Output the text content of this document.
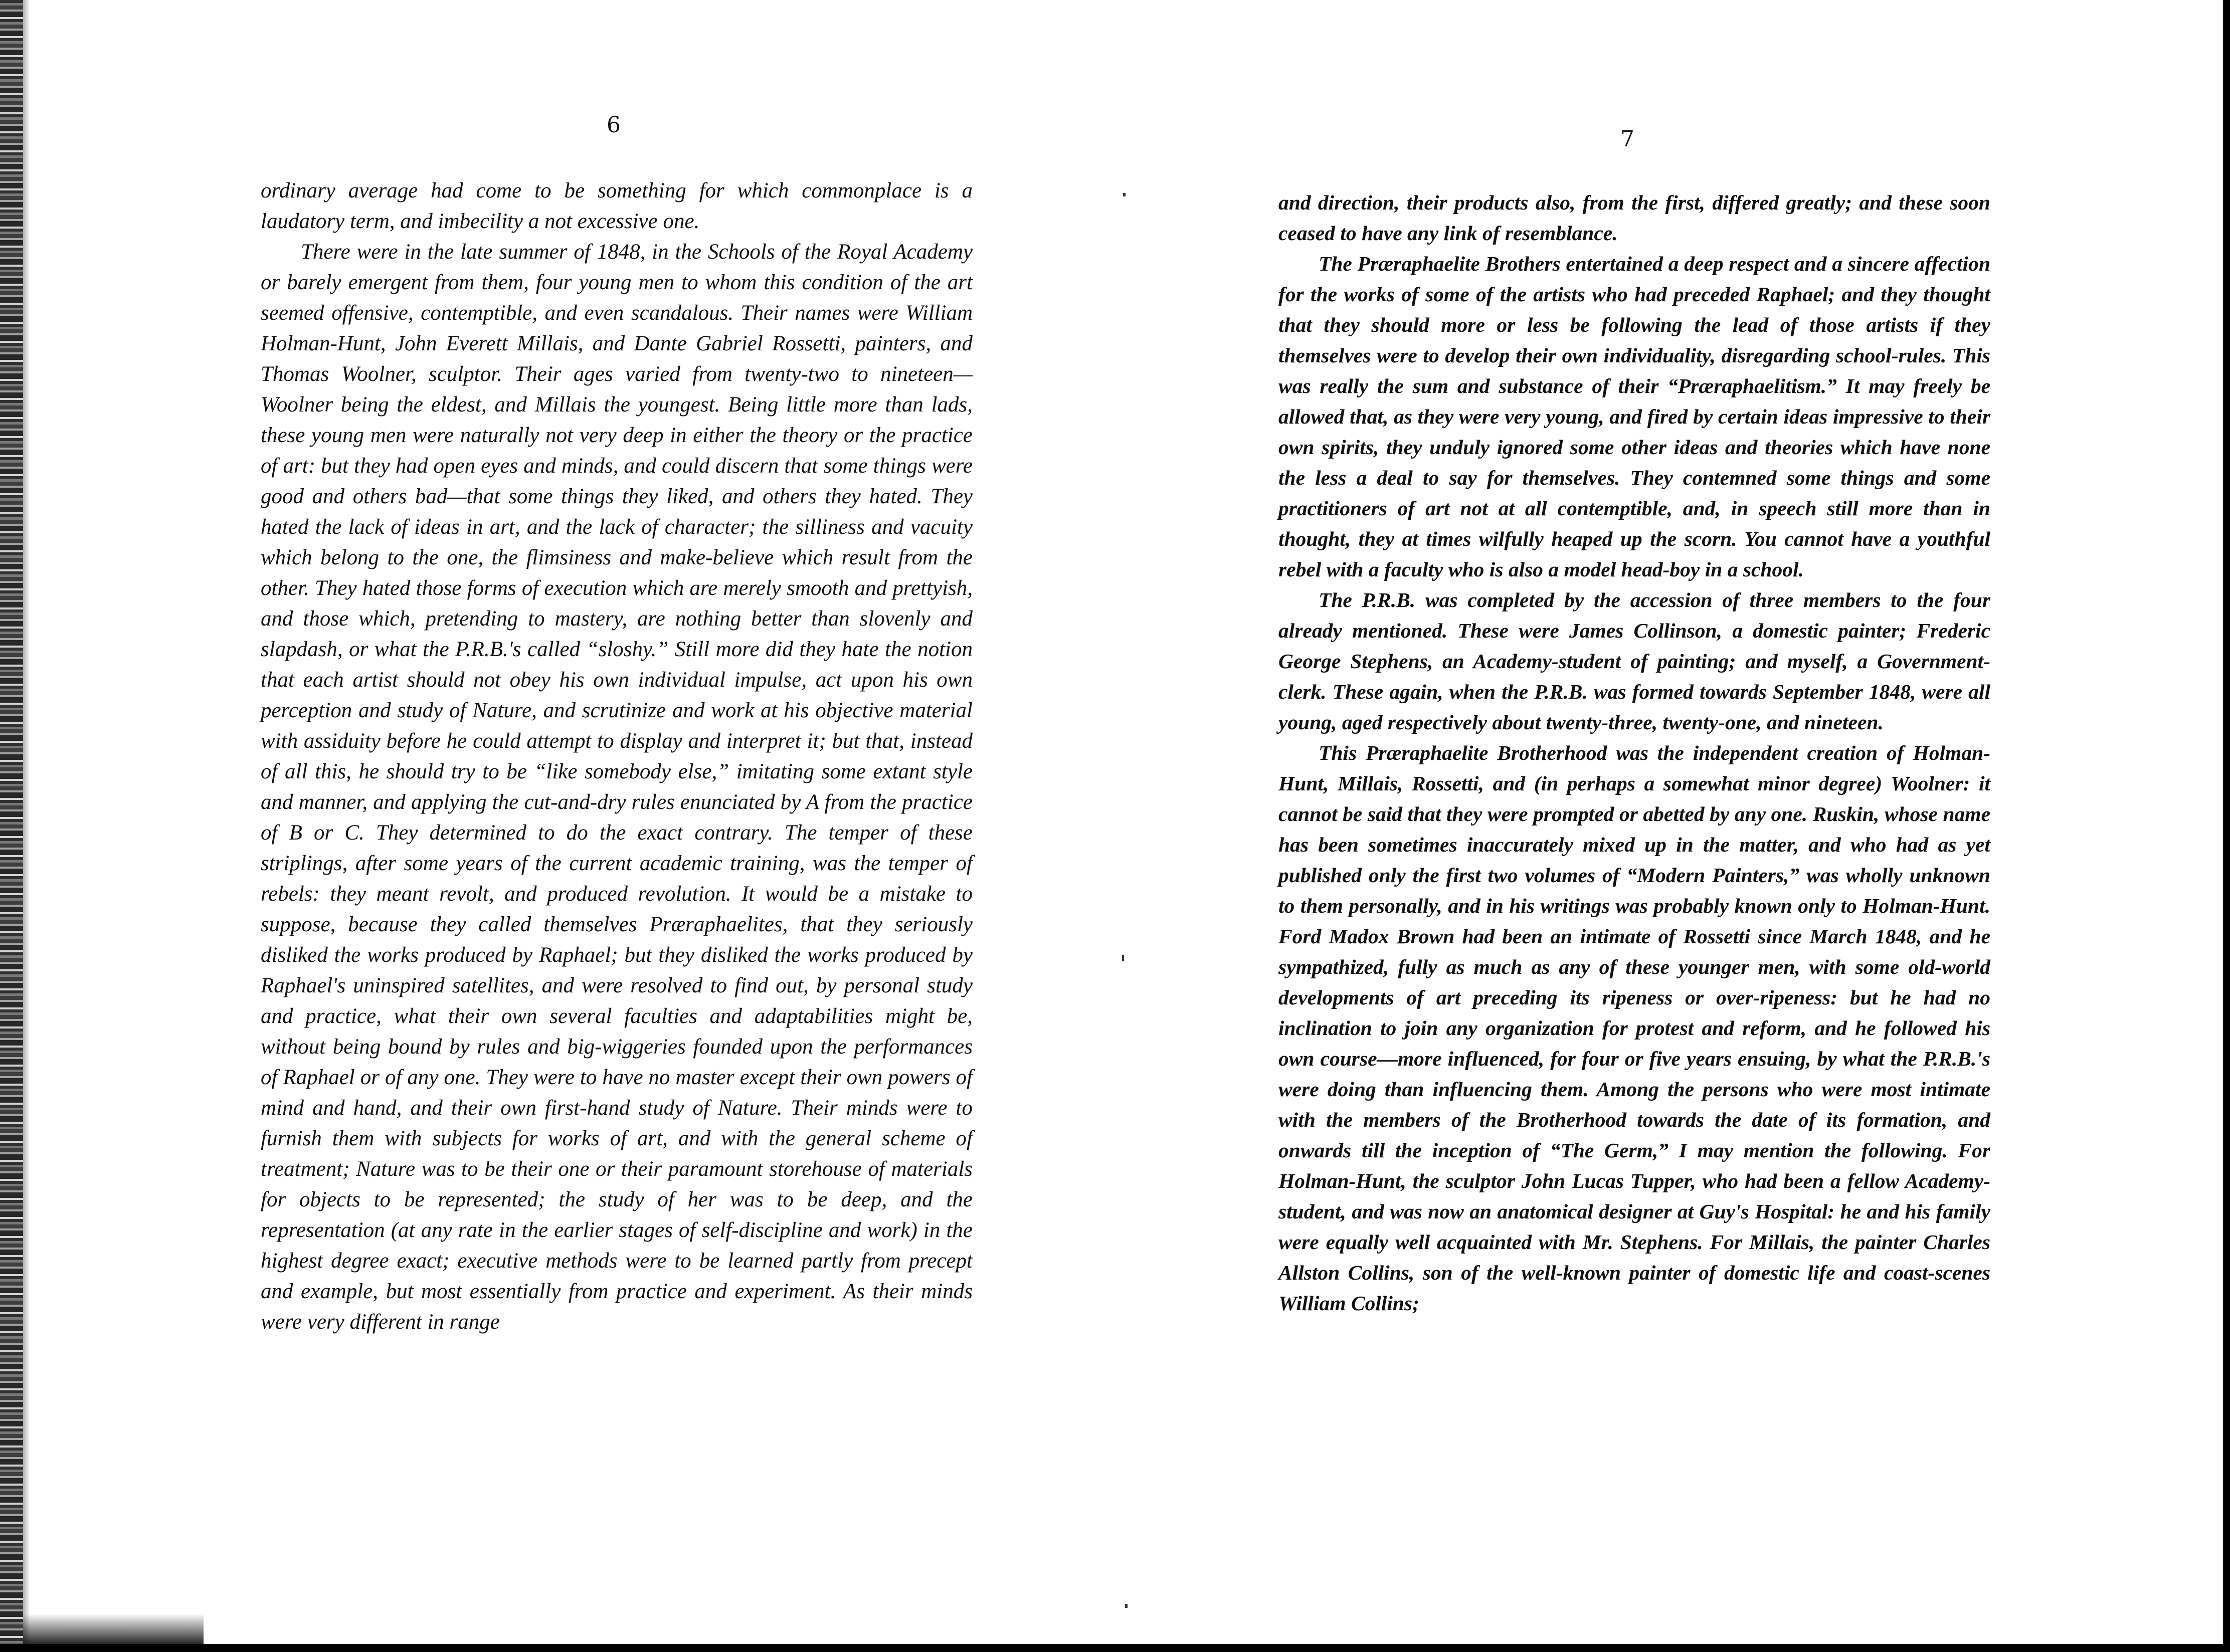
6

ordinary average had come to be something for which commonplace is a laudatory term, and imbecility a not excessive one.

There were in the late summer of 1848, in the Schools of the Royal Academy or barely emergent from them, four young men to whom this condition of the art seemed offensive, contemptible, and even scandalous. Their names were William Holman-Hunt, John Everett Millais, and Dante Gabriel Rossetti, painters, and Thomas Woolner, sculptor. Their ages varied from twenty-two to nineteen—Woolner being the eldest, and Millais the youngest. Being little more than lads, these young men were naturally not very deep in either the theory or the practice of art: but they had open eyes and minds, and could discern that some things were good and others bad—that some things they liked, and others they hated. They hated the lack of ideas in art, and the lack of character; the silliness and vacuity which belong to the one, the flimsiness and make-believe which result from the other. They hated those forms of execution which are merely smooth and prettyish, and those which, pretending to mastery, are nothing better than slovenly and slapdash, or what the P.R.B.'s called “sloshy.” Still more did they hate the notion that each artist should not obey his own individual impulse, act upon his own perception and study of Nature, and scrutinize and work at his objective material with assiduity before he could attempt to display and interpret it; but that, instead of all this, he should try to be “like somebody else,” imitating some extant style and manner, and applying the cut-and-dry rules enunciated by A from the practice of B or C. They determined to do the exact contrary. The temper of these striplings, after some years of the current academic training, was the temper of rebels: they meant revolt, and produced revolution. It would be a mistake to suppose, because they called themselves Præraphaelites, that they seriously disliked the works produced by Raphael; but they disliked the works produced by Raphael's uninspired satellites, and were resolved to find out, by personal study and practice, what their own several faculties and adaptabilities might be, without being bound by rules and big-wiggeries founded upon the performances of Raphael or of any one. They were to have no master except their own powers of mind and hand, and their own first-hand study of Nature. Their minds were to furnish them with subjects for works of art, and with the general scheme of treatment; Nature was to be their one or their paramount storehouse of materials for objects to be represented; the study of her was to be deep, and the representation (at any rate in the earlier stages of self-discipline and work) in the highest degree exact; executive methods were to be learned partly from precept and example, but most essentially from practice and experiment. As their minds were very different in range

7

and direction, their products also, from the first, differed greatly; and these soon ceased to have any link of resemblance.

The Præraphaelite Brothers entertained a deep respect and a sincere affection for the works of some of the artists who had preceded Raphael; and they thought that they should more or less be following the lead of those artists if they themselves were to develop their own individuality, disregarding school-rules. This was really the sum and substance of their “Præraphaelitism.” It may freely be allowed that, as they were very young, and fired by certain ideas impressive to their own spirits, they unduly ignored some other ideas and theories which have none the less a deal to say for themselves. They contemned some things and some practitioners of art not at all contemptible, and, in speech still more than in thought, they at times wilfully heaped up the scorn. You cannot have a youthful rebel with a faculty who is also a model head-boy in a school.

The P.R.B. was completed by the accession of three members to the four already mentioned. These were James Collinson, a domestic painter; Frederic George Stephens, an Academy-student of painting; and myself, a Government-clerk. These again, when the P.R.B. was formed towards September 1848, were all young, aged respectively about twenty-three, twenty-one, and nineteen.

This Præraphaelite Brotherhood was the independent creation of Holman-Hunt, Millais, Rossetti, and (in perhaps a somewhat minor degree) Woolner: it cannot be said that they were prompted or abetted by any one. Ruskin, whose name has been sometimes inaccurately mixed up in the matter, and who had as yet published only the first two volumes of “Modern Painters,” was wholly unknown to them personally, and in his writings was probably known only to Holman-Hunt. Ford Madox Brown had been an intimate of Rossetti since March 1848, and he sympathized, fully as much as any of these younger men, with some old-world developments of art preceding its ripeness or over-ripeness: but he had no inclination to join any organization for protest and reform, and he followed his own course—more influenced, for four or five years ensuing, by what the P.R.B.'s were doing than influencing them. Among the persons who were most intimate with the members of the Brotherhood towards the date of its formation, and onwards till the inception of “The Germ,” I may mention the following. For Holman-Hunt, the sculptor John Lucas Tupper, who had been a fellow Academy-student, and was now an anatomical designer at Guy's Hospital: he and his family were equally well acquainted with Mr. Stephens. For Millais, the painter Charles Allston Collins, son of the well-known painter of domestic life and coast-scenes William Collins;
